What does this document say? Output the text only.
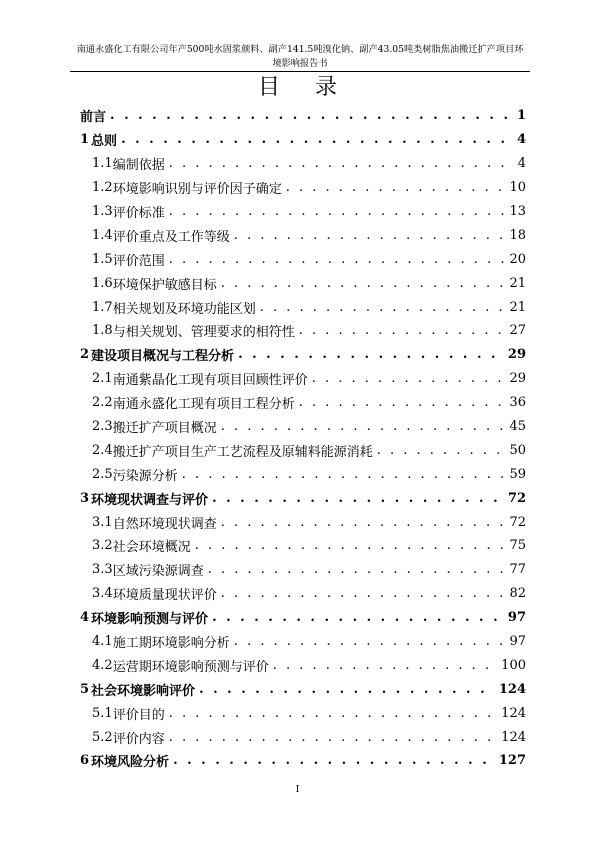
南通永盛化工有限公司年产500吨水固浆颜料、副产141.5吨溴化钠、副产43.05吨类树脂焦油搬迁扩产项目环
境影响报告书
目 录
前言 . . .	1
1 总则 . . .	4
1.1 编制依据 . . .	4
1.2 环境影响识别与评价因子确定 . . .	10
1.3 评价标准 . . .	13
1.4 评价重点及工作等级 . . .	18
1.5 评价范围 . . .	20
1.6 环境保护敏感目标 . . .	21
1.7 相关规划及环境功能区划 . . .	21
1.8 与相关规划、管理要求的相符性 . . .	27
2 建设项目概况与工程分析 . . .	29
2.1 南通紫晶化工现有项目回顾性评价 . . .	29
2.2 南通永盛化工现有项目工程分析 . . .	36
2.3 搬迁扩产项目概况 . . .	45
2.4 搬迁扩产项目生产工艺流程及原辅料能源消耗 . . .	50
2.5 污染源分析 . . .	59
3 环境现状调查与评价 . . .	72
3.1 自然环境现状调查 . . .	72
3.2 社会环境概况 . . .	75
3.3 区域污染源调查 . . .	77
3.4 环境质量现状评价 . . .	82
4 环境影响预测与评价 . . .	97
4.1 施工期环境影响分析 . . .	97
4.2 运营期环境影响预测与评价 . . .	100
5 社会环境影响评价 . . .	124
5.1 评价目的 . . .	124
5.2 评价内容 . . .	124
6 环境风险分析 . . .	127
I
